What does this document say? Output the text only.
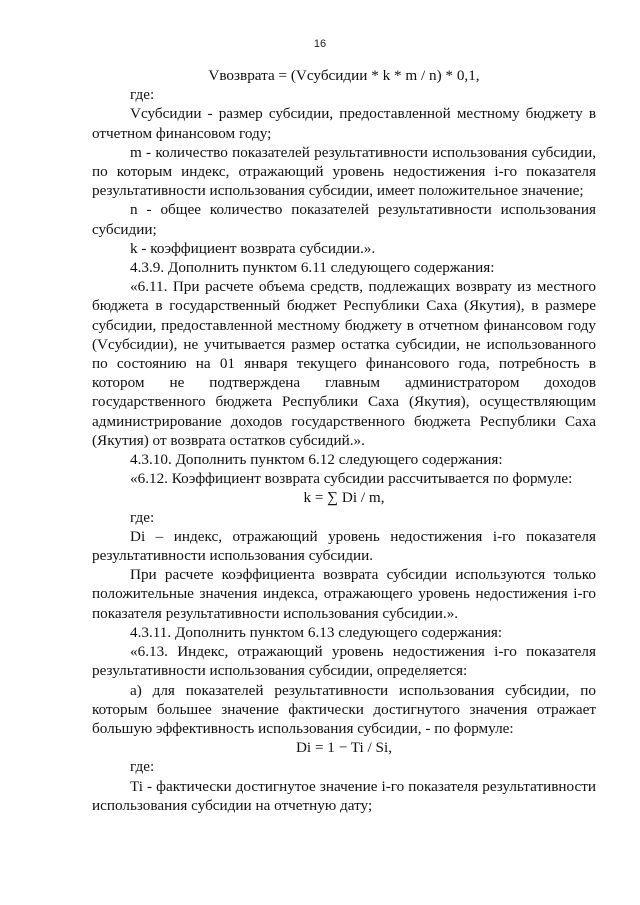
16

Vвозврата = (Vсубсидии * k * m / n) * 0,1,

где:

Vсубсидии - размер субсидии, предоставленной местному бюджету в отчетном финансовом году;

m - количество показателей результативности использования субсидии, по которым индекс, отражающий уровень недостижения i-го показателя результативности использования субсидии, имеет положительное значение;

n - общее количество показателей результативности использования субсидии;

k - коэффициент возврата субсидии.».

4.3.9. Дополнить пунктом 6.11 следующего содержания:

«6.11. При расчете объема средств, подлежащих возврату из местного бюджета в государственный бюджет Республики Саха (Якутия), в размере субсидии, предоставленной местному бюджету в отчетном финансовом году (Vсубсидии), не учитывается размер остатка субсидии, не использованного по состоянию на 01 января текущего финансового года, потребность в котором не подтверждена главным администратором доходов государственного бюджета Республики Саха (Якутия), осуществляющим администрирование доходов государственного бюджета Республики Саха (Якутия) от возврата остатков субсидий.».

4.3.10. Дополнить пунктом 6.12 следующего содержания:

«6.12. Коэффициент возврата субсидии рассчитывается по формуле:

k = ∑ Di / m,

где:

Di – индекс, отражающий уровень недостижения i-го показателя результативности использования субсидии.

При расчете коэффициента возврата субсидии используются только положительные значения индекса, отражающего уровень недостижения i-го показателя результативности использования субсидии.».

4.3.11. Дополнить пунктом 6.13 следующего содержания:

«6.13. Индекс, отражающий уровень недостижения i-го показателя результативности использования субсидии, определяется:

а) для показателей результативности использования субсидии, по которым большее значение фактически достигнутого значения отражает большую эффективность использования субсидии, - по формуле:

Di = 1 − Ti / Si,

где:

Ti - фактически достигнутое значение i-го показателя результативности использования субсидии на отчетную дату;
